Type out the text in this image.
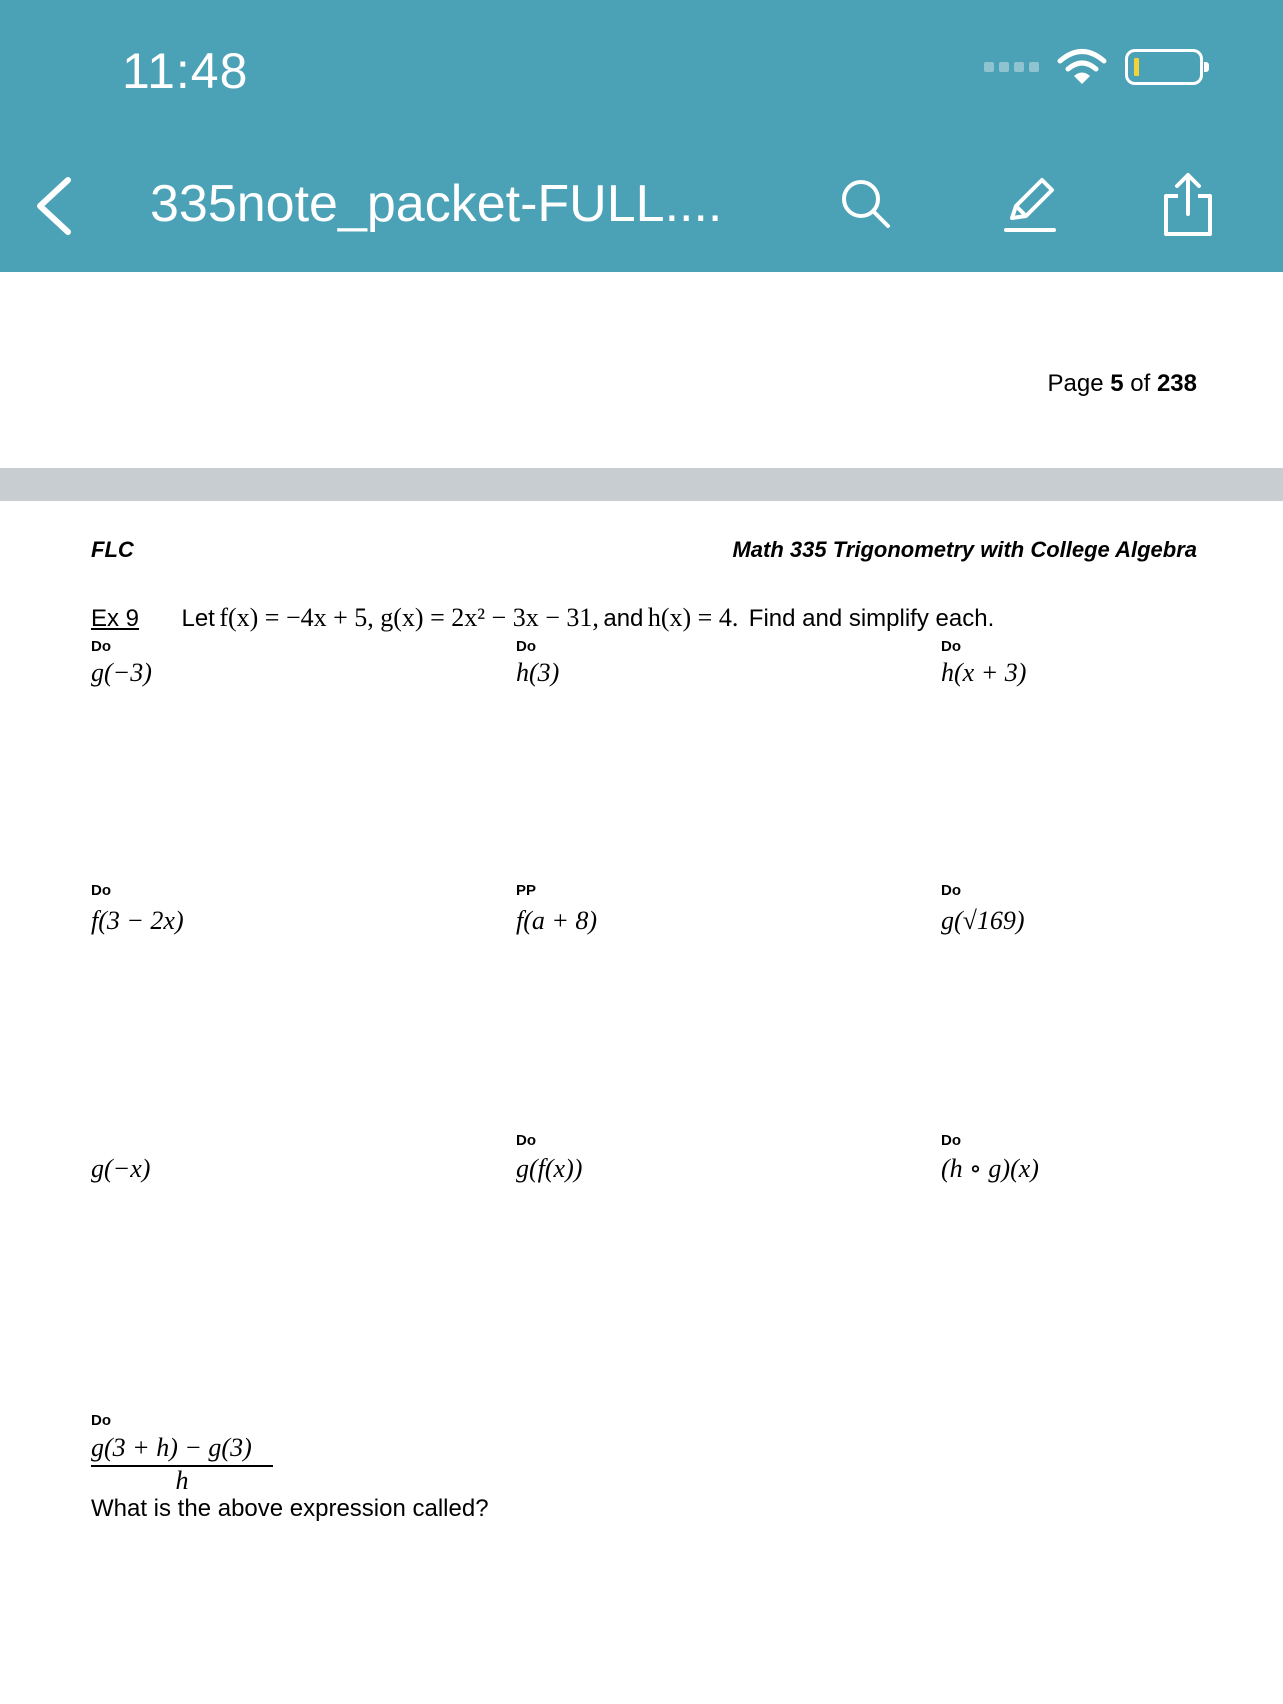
11:48
335note_packet-FULL....
Page 5 of 238
FLC	Math 335 Trigonometry with College Algebra
Ex 9 Let f(x) = −4x + 5, g(x) = 2x² − 3x − 31, and h(x) = 4. Find and simplify each.
Do
g(−3)
Do
h(3)
Do
h(x + 3)
Do
f(3 − 2x)
PP
f(a + 8)
Do
g(√169)
g(−x)
Do
g(f(x))
Do
(h ∘ g)(x)
Do
$\frac{g(3 + h) - g(3)}{h}$
What is the above expression called?
